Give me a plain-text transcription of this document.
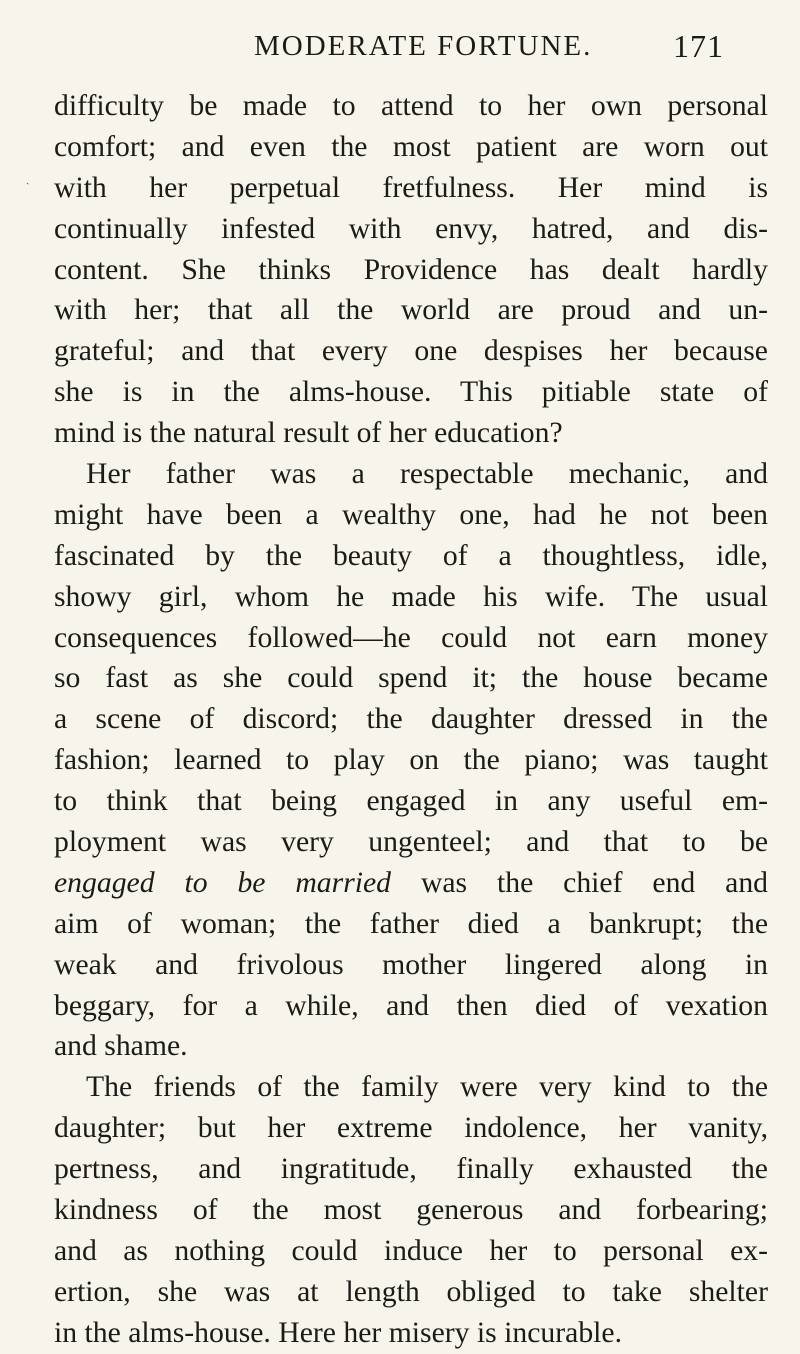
MODERATE FORTUNE.	171
ˎ
difficulty be made to attend to her own personal
comfort; and even the most patient are worn out
with her perpetual fretfulness. Her mind is
continually infested with envy, hatred, and dis-
content. She thinks Providence has dealt hardly
with her; that all the world are proud and un-
grateful; and that every one despises her because
she is in the alms-house. This pitiable state of
mind is the natural result of her education?
Her father was a respectable mechanic, and
might have been a wealthy one, had he not been
fascinated by the beauty of a thoughtless, idle,
showy girl, whom he made his wife. The usual
consequences followed—he could not earn money
so fast as she could spend it; the house became
a scene of discord; the daughter dressed in the
fashion; learned to play on the piano; was taught
to think that being engaged in any useful em-
ployment was very ungenteel; and that to be
engaged to be married was the chief end and
aim of woman; the father died a bankrupt; the
weak and frivolous mother lingered along in
beggary, for a while, and then died of vexation
and shame.
The friends of the family were very kind to the
daughter; but her extreme indolence, her vanity,
pertness, and ingratitude, finally exhausted the
kindness of the most generous and forbearing;
and as nothing could induce her to personal ex-
ertion, she was at length obliged to take shelter
in the alms-house. Here her misery is incurable.
